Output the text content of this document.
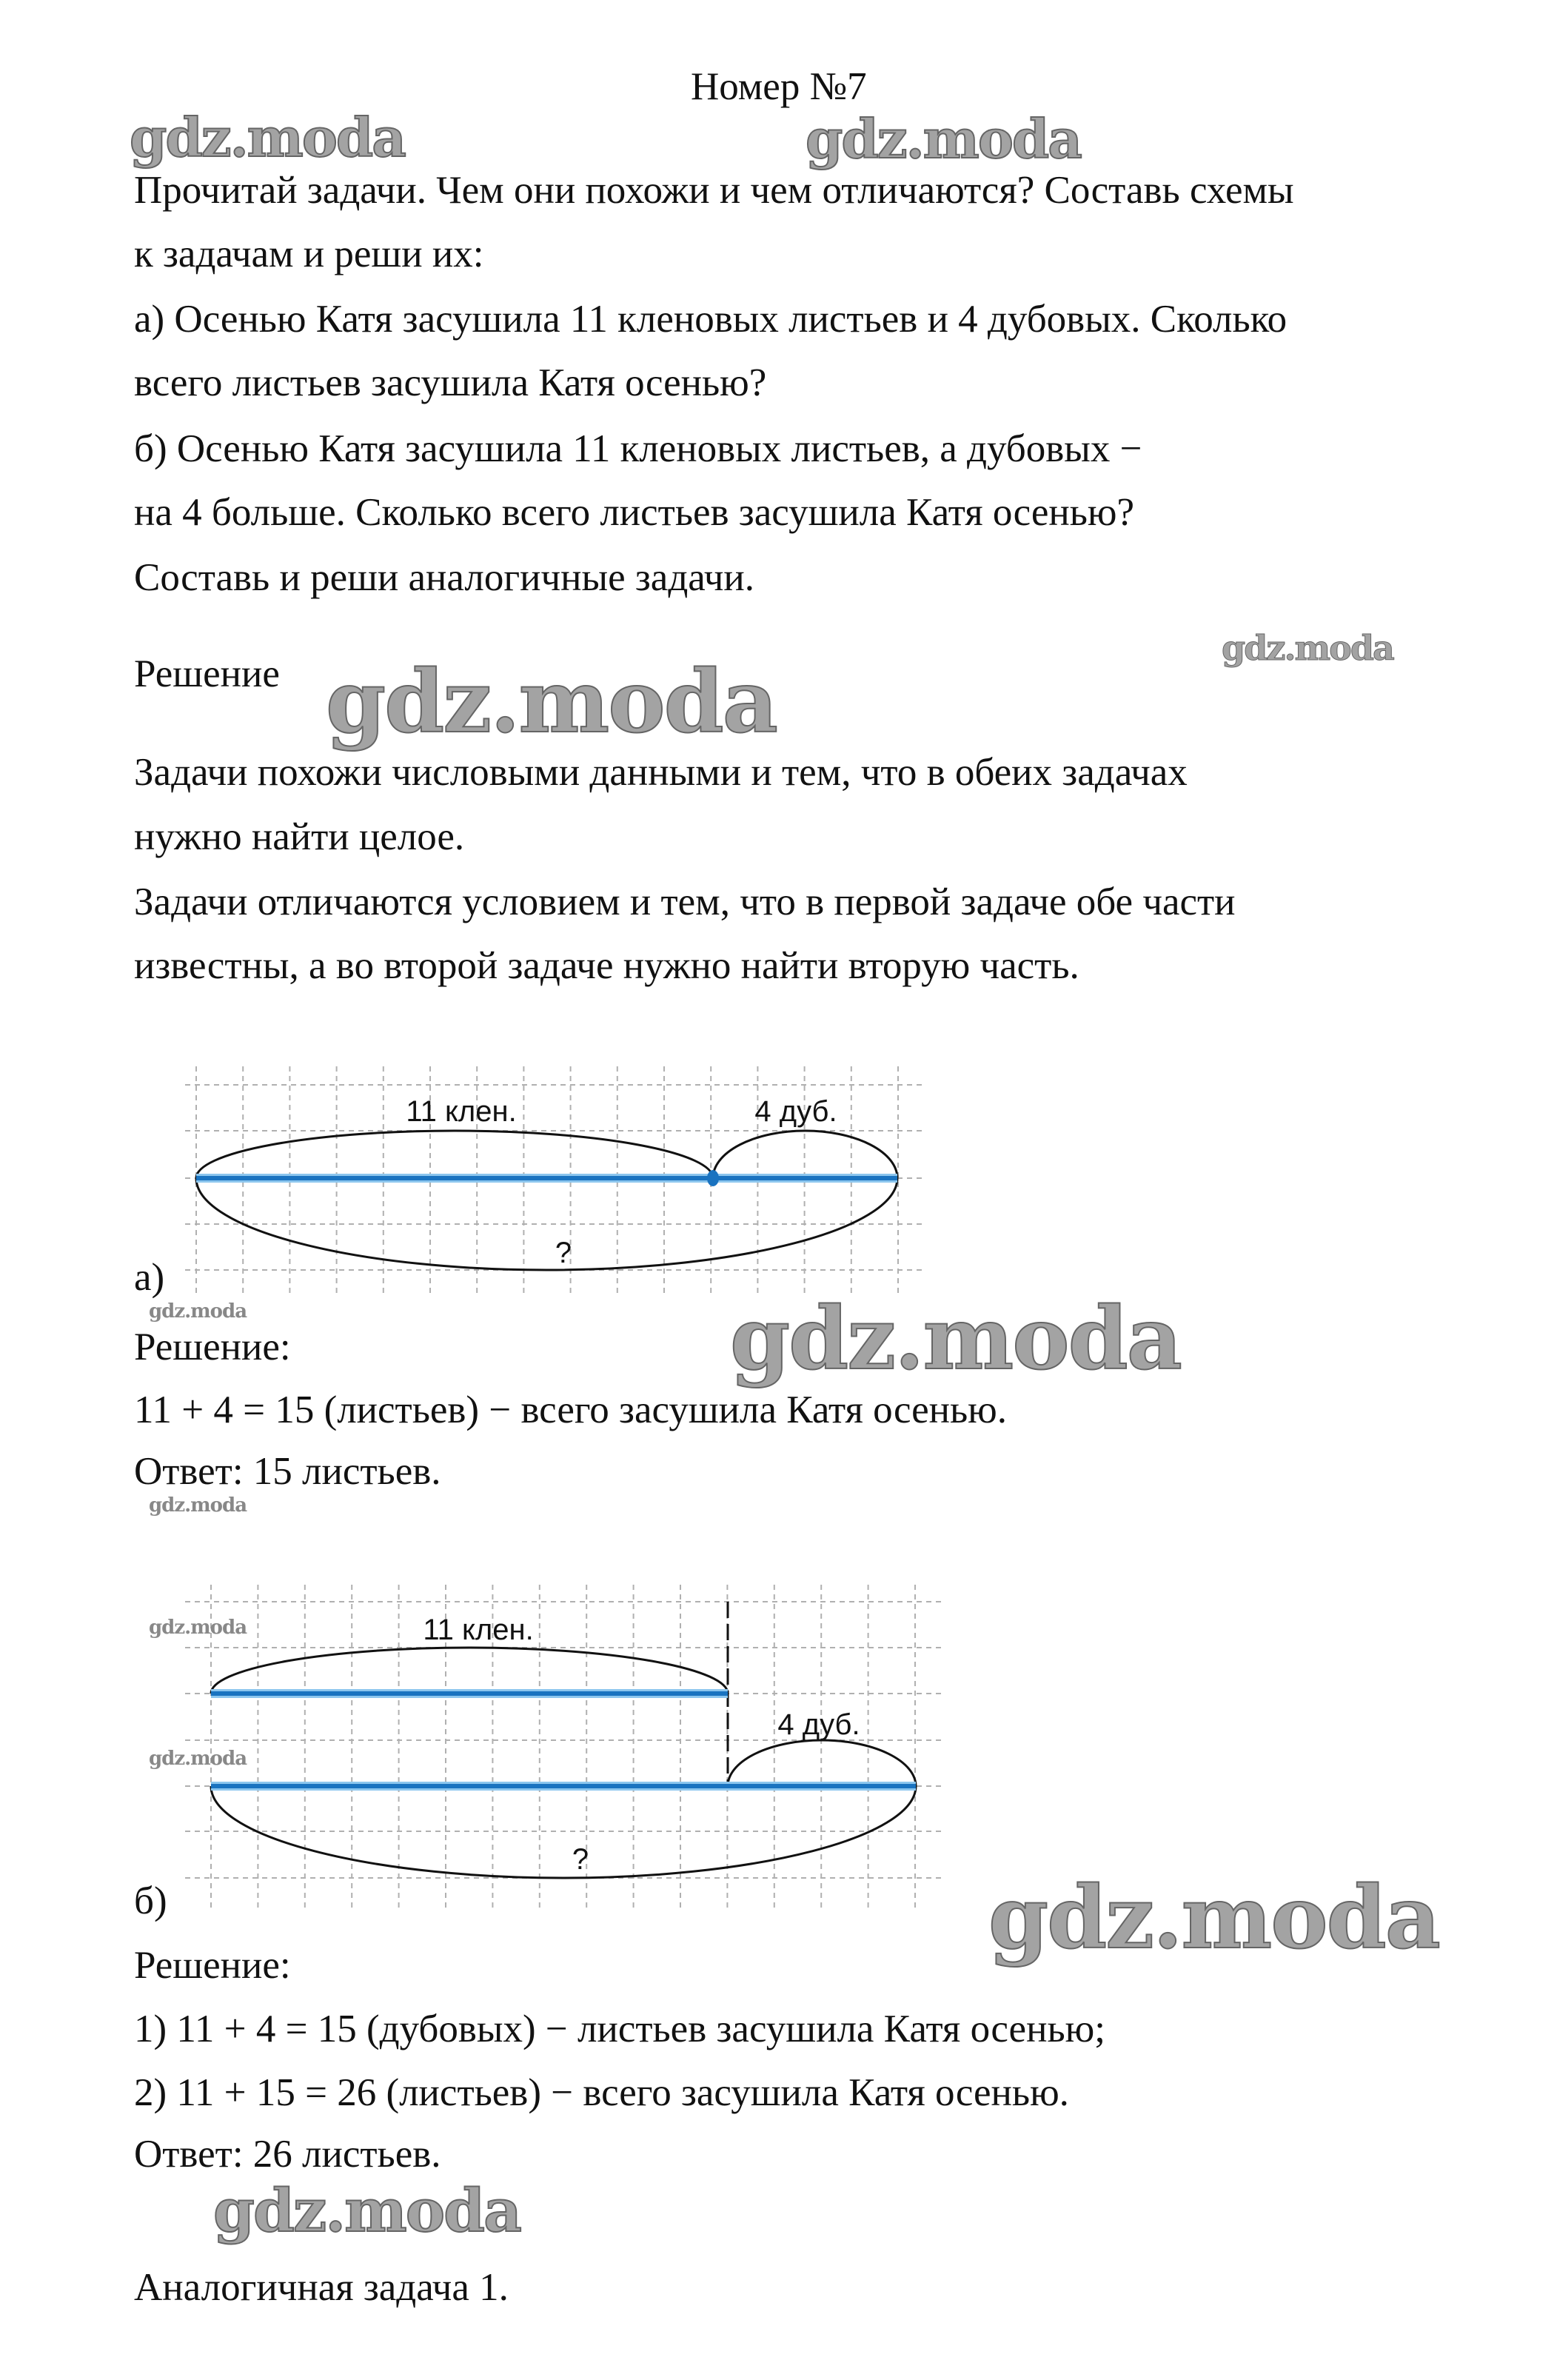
Номер №7
Прочитай задачи. Чем они похожи и чем отличаются? Составь схемы
к задачам и реши их:
а) Осенью Катя засушила 11 кленовых листьев и 4 дубовых. Сколько
всего листьев засушила Катя осенью?
б) Осенью Катя засушила 11 кленовых листьев, а дубовых −
на 4 больше. Сколько всего листьев засушила Катя осенью?
Составь и реши аналогичные задачи.
Решение
Задачи похожи числовыми данными и тем, что в обеих задачах
нужно найти целое.
Задачи отличаются условием и тем, что в первой задаче обе части
известны, а во второй задаче нужно найти вторую часть.
11 клен.	4 дуб.
?
11 клен.
4 дуб.
?
а)
Решение:
11 + 4 = 15 (листьев) − всего засушила Катя осенью.
Ответ: 15 листьев.
б)
Решение:
1) 11 + 4 = 15 (дубовых) − листьев засушила Катя осенью;
2) 11 + 15 = 26 (листьев) − всего засушила Катя осенью.
Ответ: 26 листьев.
Аналогичная задача 1.
gdz.moda	gdz.moda
gdz.moda
gdz.moda
gdz.moda
gdz.moda
gdz.moda
gdz.moda
gdz.moda
gdz.moda
gdz.moda
